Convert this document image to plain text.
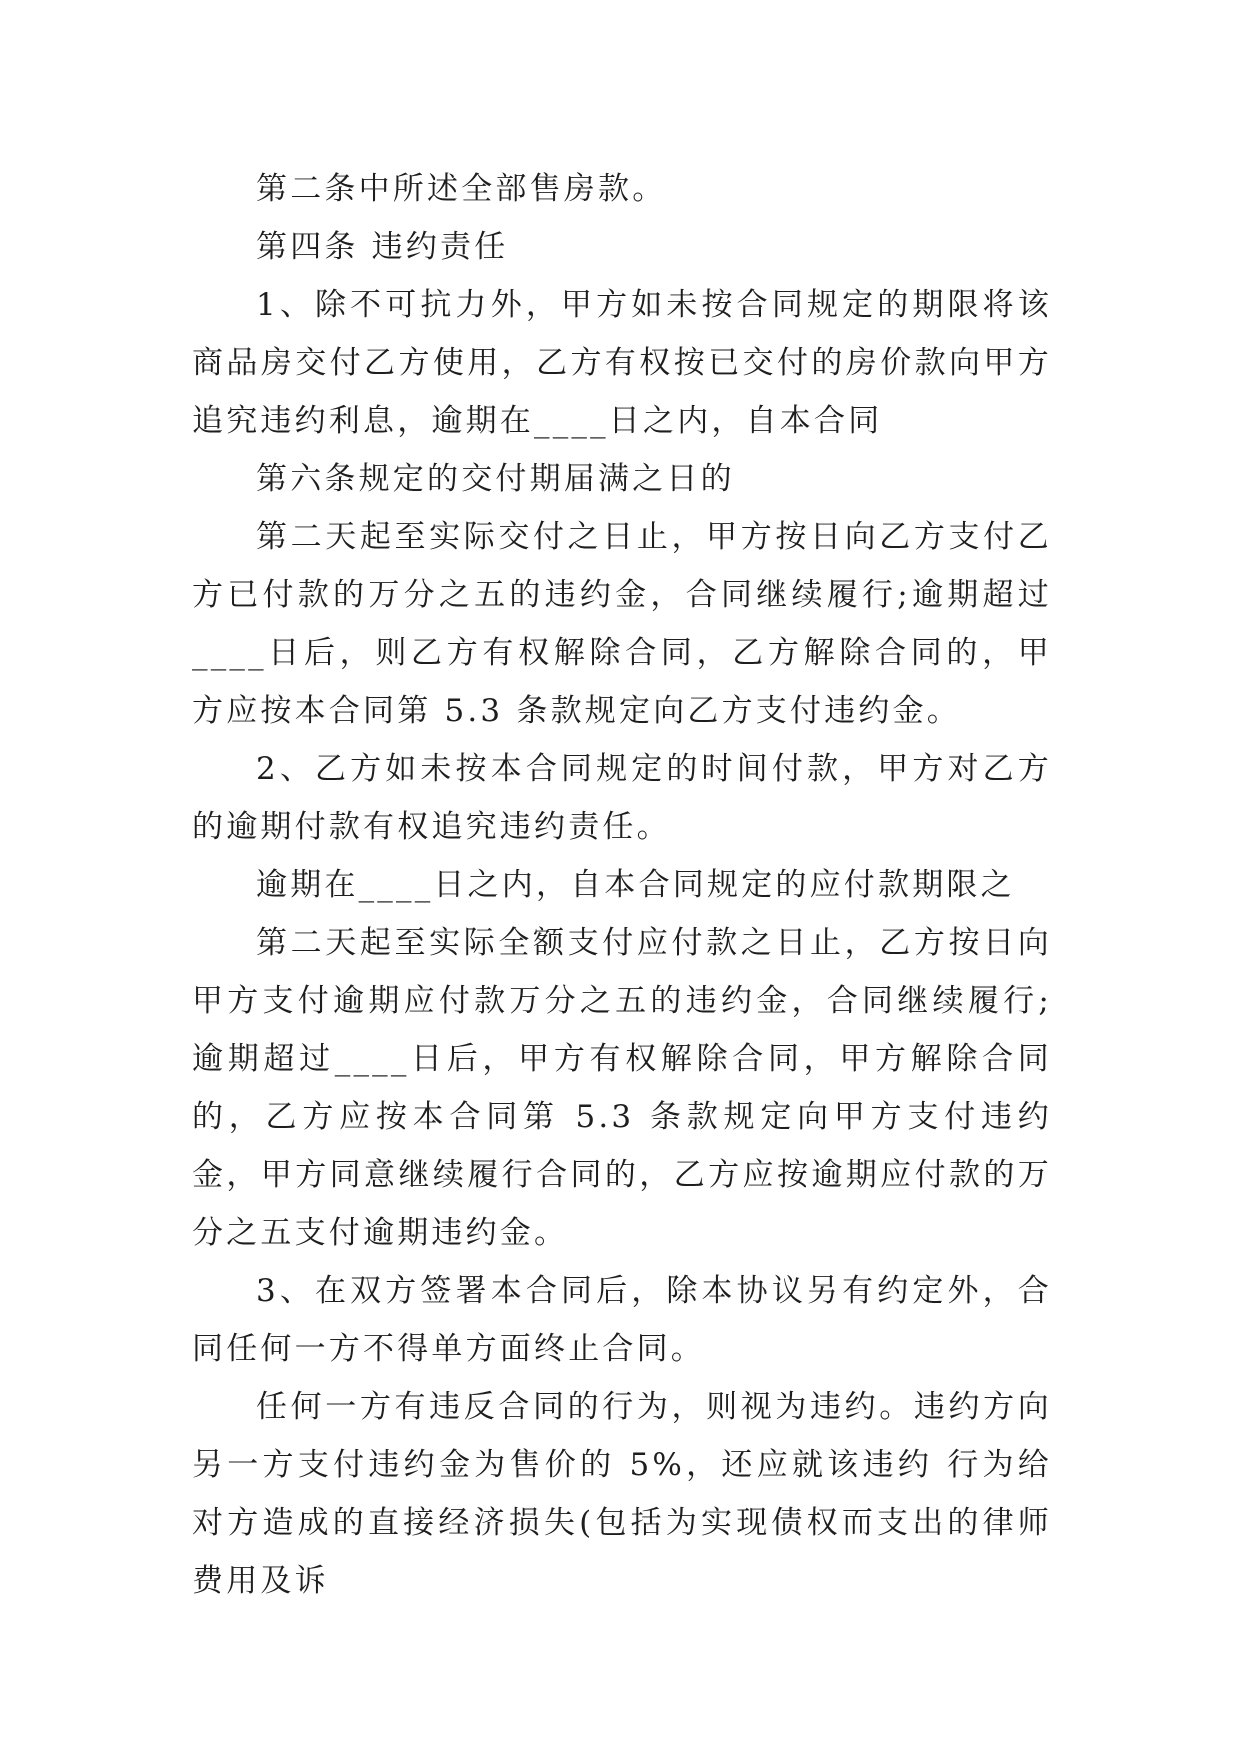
第二条中所述全部售房款。

第四条 违约责任

1、除不可抗力外，甲方如未按合同规定的期限将该商品房交付乙方使用，乙方有权按已交付的房价款向甲方追究违约利息，逾期在____日之内，自本合同

第六条规定的交付期届满之日的

第二天起至实际交付之日止，甲方按日向乙方支付乙方已付款的万分之五的违约金，合同继续履行;逾期超过____日后，则乙方有权解除合同，乙方解除合同的，甲方应按本合同第 5.3 条款规定向乙方支付违约金。

2、乙方如未按本合同规定的时间付款，甲方对乙方的逾期付款有权追究违约责任。

逾期在____日之内，自本合同规定的应付款期限之

第二天起至实际全额支付应付款之日止，乙方按日向甲方支付逾期应付款万分之五的违约金，合同继续履行;逾期超过____日后，甲方有权解除合同，甲方解除合同的，乙方应按本合同第 5.3 条款规定向甲方支付违约金，甲方同意继续履行合同的，乙方应按逾期应付款的万分之五支付逾期违约金。

3、在双方签署本合同后，除本协议另有约定外，合同任何一方不得单方面终止合同。

任何一方有违反合同的行为，则视为违约。违约方向另一方支付违约金为售价的 5%，还应就该违约 行为给对方造成的直接经济损失(包括为实现债权而支出的律师费用及诉
